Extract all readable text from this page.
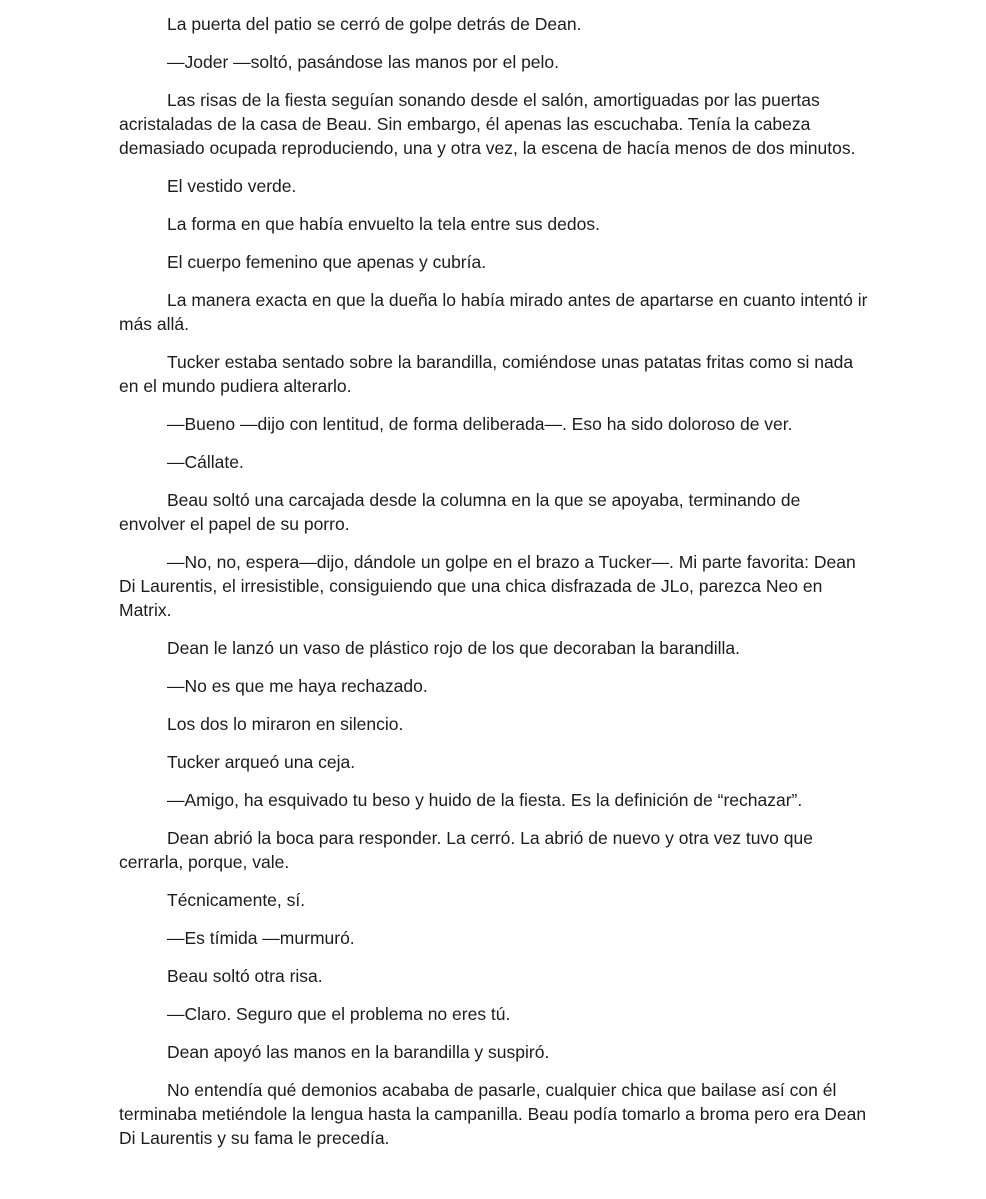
La puerta del patio se cerró de golpe detrás de Dean.

—Joder —soltó, pasándose las manos por el pelo.

Las risas de la fiesta seguían sonando desde el salón, amortiguadas por las puertas acristaladas de la casa de Beau. Sin embargo, él apenas las escuchaba. Tenía la cabeza demasiado ocupada reproduciendo, una y otra vez, la escena de hacía menos de dos minutos.

El vestido verde.

La forma en que había envuelto la tela entre sus dedos.

El cuerpo femenino que apenas y cubría.

La manera exacta en que la dueña lo había mirado antes de apartarse en cuanto intentó ir más allá.

Tucker estaba sentado sobre la barandilla, comiéndose unas patatas fritas como si nada en el mundo pudiera alterarlo.

—Bueno —dijo con lentitud, de forma deliberada—. Eso ha sido doloroso de ver.

—Cállate.

Beau soltó una carcajada desde la columna en la que se apoyaba, terminando de envolver el papel de su porro.

—No, no, espera—dijo, dándole un golpe en el brazo a Tucker—. Mi parte favorita: Dean Di Laurentis, el irresistible, consiguiendo que una chica disfrazada de JLo, parezca Neo en Matrix.

Dean le lanzó un vaso de plástico rojo de los que decoraban la barandilla.

—No es que me haya rechazado.

Los dos lo miraron en silencio.

Tucker arqueó una ceja.

—Amigo, ha esquivado tu beso y huido de la fiesta. Es la definición de “rechazar”.

Dean abrió la boca para responder. La cerró. La abrió de nuevo y otra vez tuvo que cerrarla, porque, vale.

Técnicamente, sí.

—Es tímida —murmuró.

Beau soltó otra risa.

—Claro. Seguro que el problema no eres tú.

Dean apoyó las manos en la barandilla y suspiró.

No entendía qué demonios acababa de pasarle, cualquier chica que bailase así con él terminaba metiéndole la lengua hasta la campanilla. Beau podía tomarlo a broma pero era Dean Di Laurentis y su fama le precedía.
